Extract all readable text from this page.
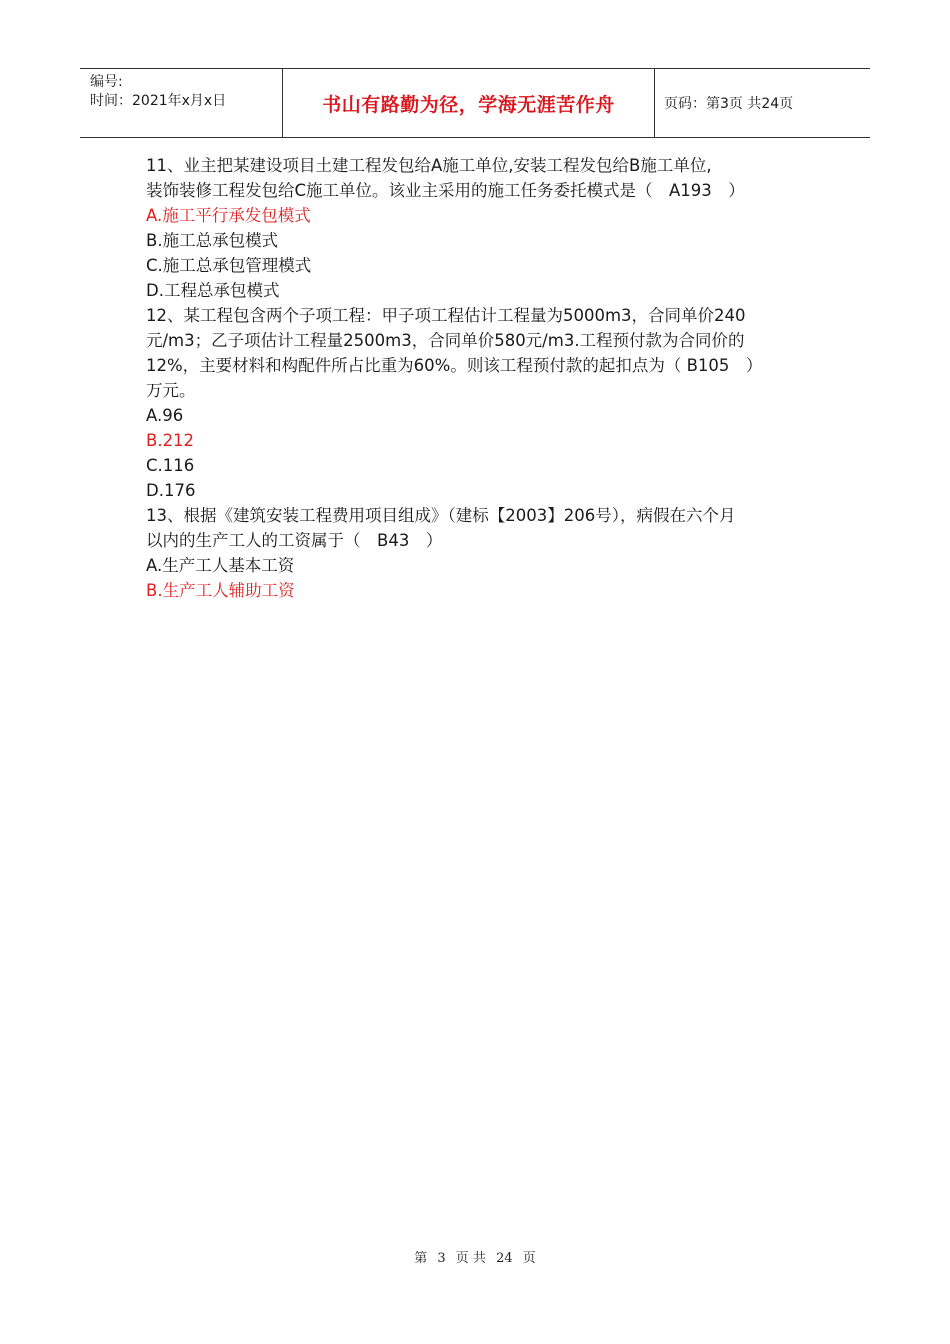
编号:
时间：2021年x月x日	书山有路勤为径，学海无涯苦作舟	页码：第3页 共24页

11、业主把某建设项目土建工程发包给A施工单位,安装工程发包给B施工单位,

装饰装修工程发包给C施工单位。该业主采用的施工任务委托模式是（　A193　）

A.施工平行承发包模式

B.施工总承包模式

C.施工总承包管理模式

D.工程总承包模式

12、某工程包含两个子项工程：甲子项工程估计工程量为5000m3，合同单价240

元/m3；乙子项估计工程量2500m3，合同单价580元/m3.工程预付款为合同价的

12%，主要材料和构配件所占比重为60%。则该工程预付款的起扣点为（ B105　）

万元。

A.96

B.212

C.116

D.176

13、根据《建筑安装工程费用项目组成》（建标【2003】206号），病假在六个月

以内的生产工人的工资属于（　B43　）

A.生产工人基本工资

B.生产工人辅助工资

第 3 页 共 24 页
